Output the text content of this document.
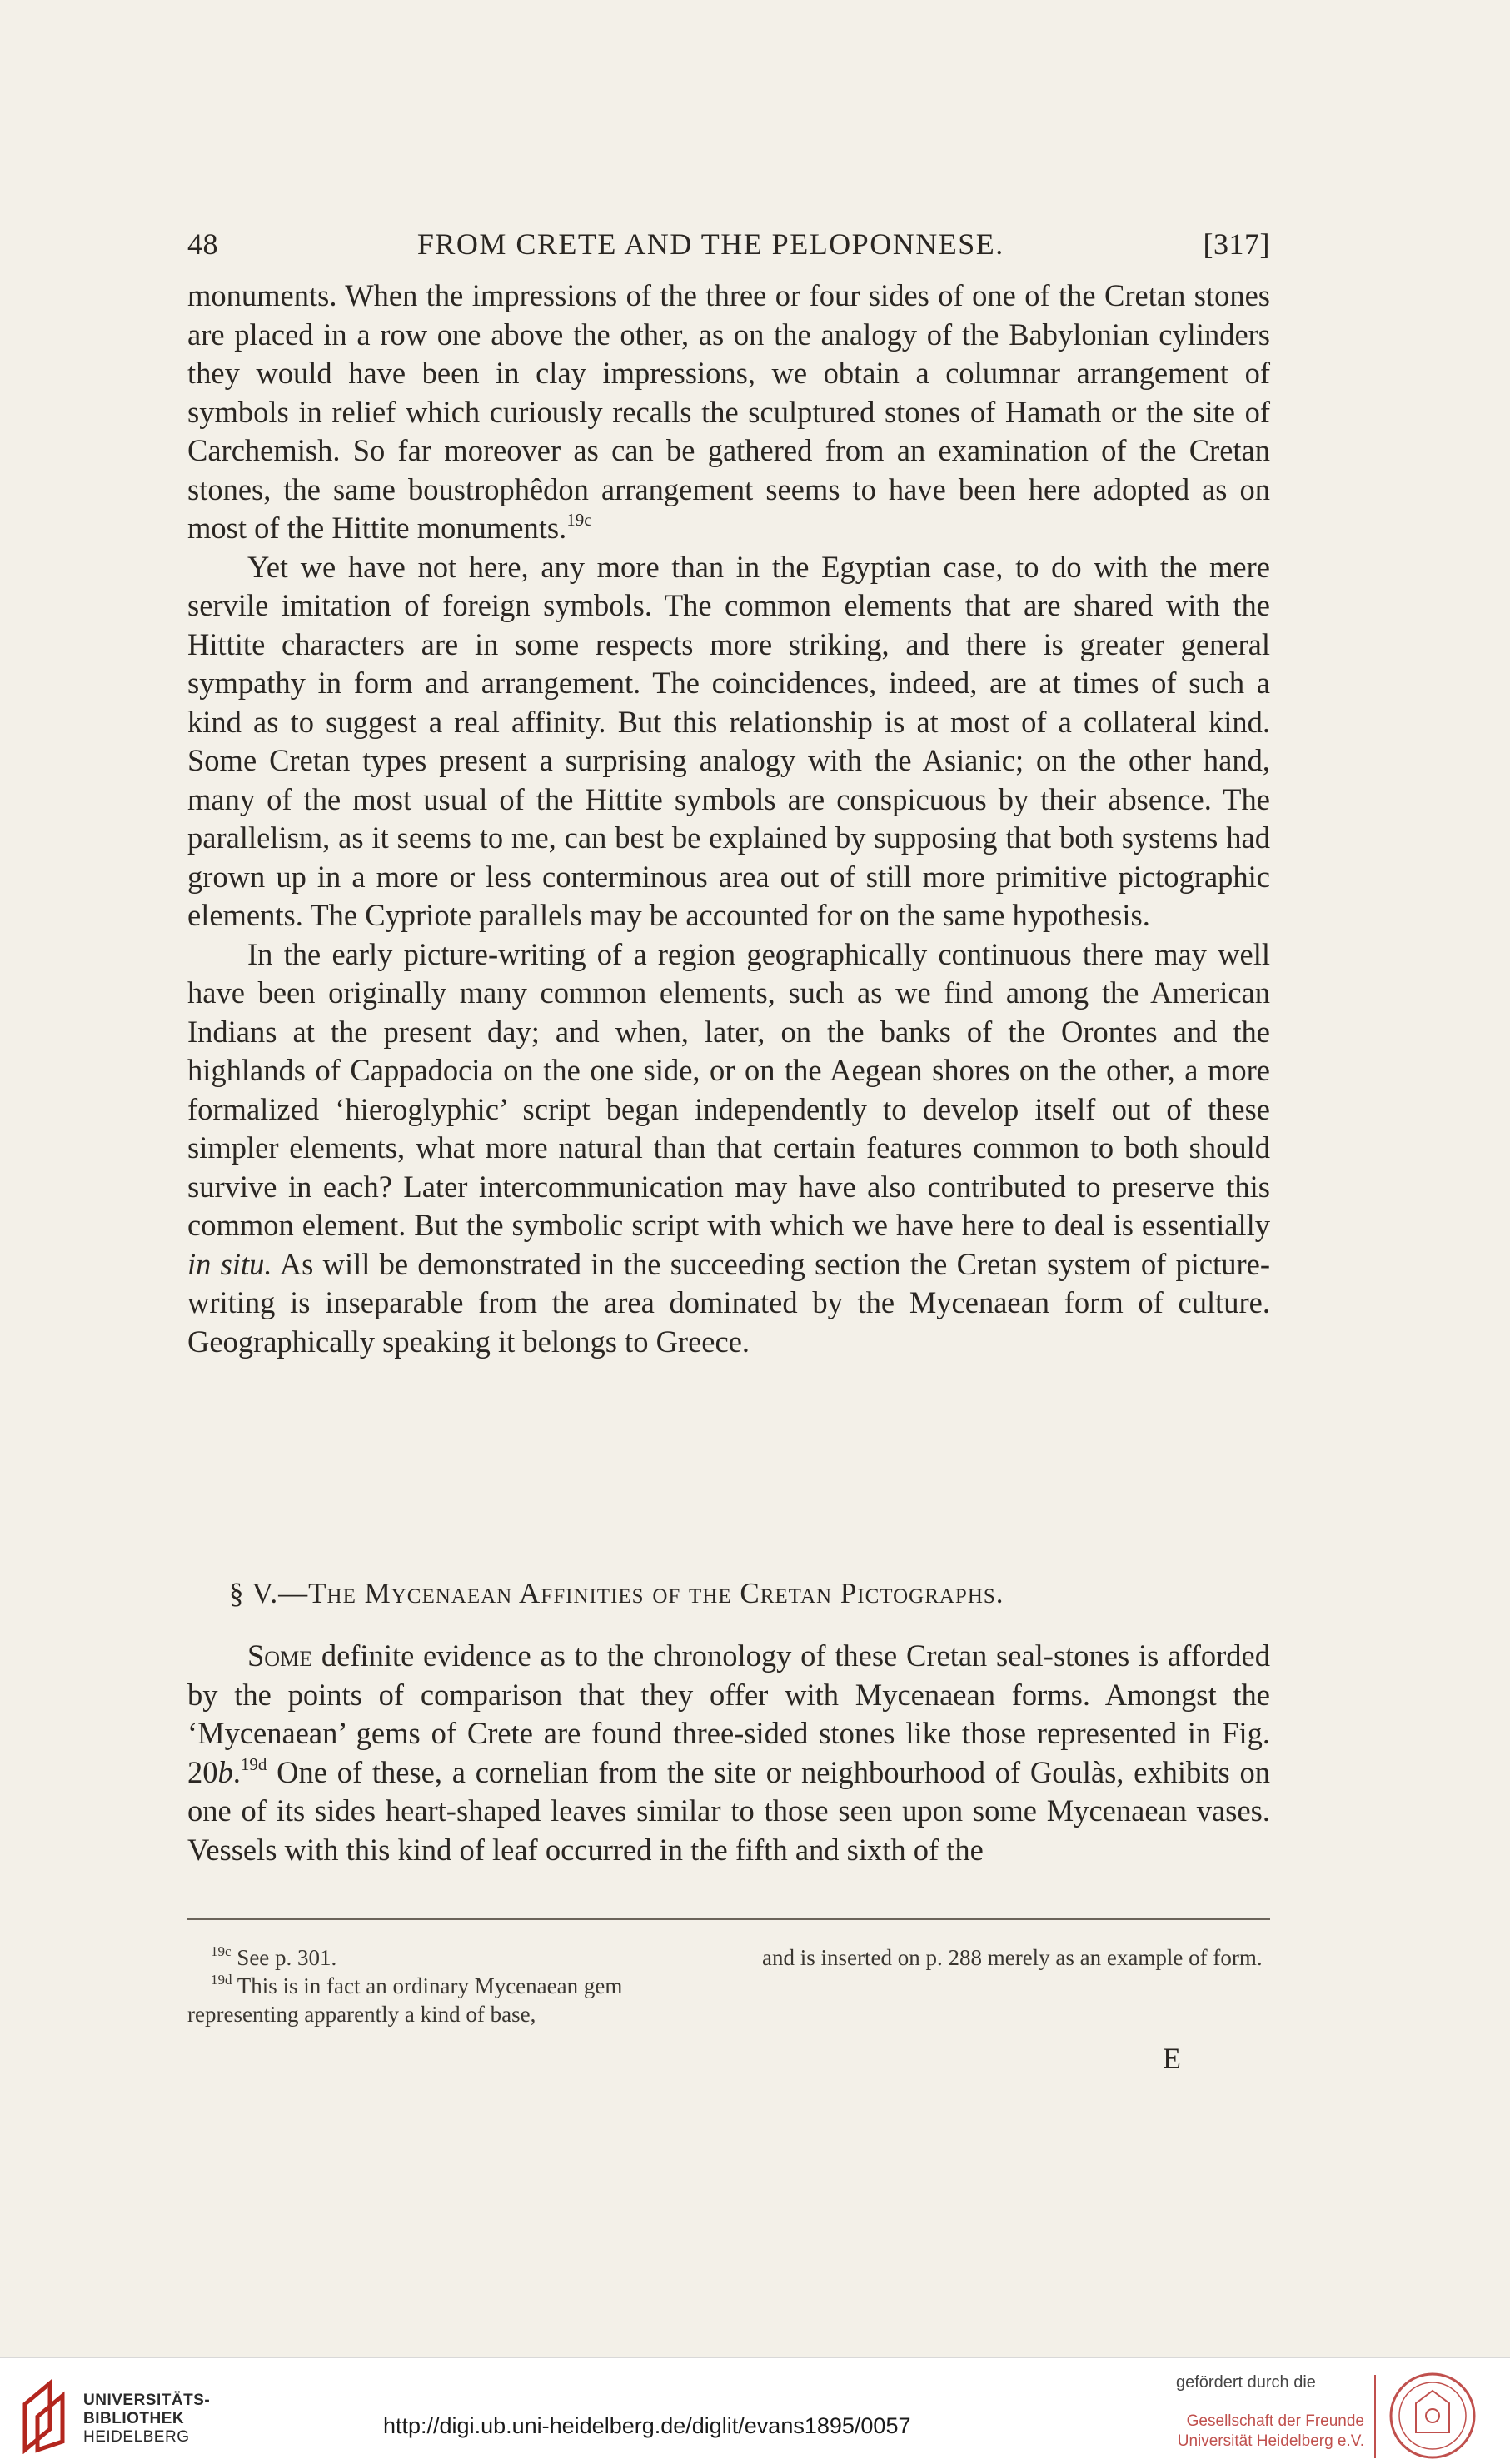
48	FROM CRETE AND THE PELOPONNESE.	[317]

monuments. When the impressions of the three or four sides of one of the Cretan stones are placed in a row one above the other, as on the analogy of the Babylonian cylinders they would have been in clay impressions, we obtain a columnar arrangement of symbols in relief which curiously recalls the sculptured stones of Hamath or the site of Carchemish. So far moreover as can be gathered from an examination of the Cretan stones, the same boustrophêdon arrangement seems to have been here adopted as on most of the Hittite monuments.$^{19c}$

Yet we have not here, any more than in the Egyptian case, to do with the mere servile imitation of foreign symbols. The common elements that are shared with the Hittite characters are in some respects more striking, and there is greater general sympathy in form and arrangement. The coincidences, indeed, are at times of such a kind as to suggest a real affinity. But this relationship is at most of a collateral kind. Some Cretan types present a surprising analogy with the Asianic; on the other hand, many of the most usual of the Hittite symbols are conspicuous by their absence. The parallelism, as it seems to me, can best be explained by supposing that both systems had grown up in a more or less conterminous area out of still more primitive pictographic elements. The Cypriote parallels may be accounted for on the same hypothesis.

In the early picture-writing of a region geographically continuous there may well have been originally many common elements, such as we find among the American Indians at the present day; and when, later, on the banks of the Orontes and the highlands of Cappadocia on the one side, or on the Aegean shores on the other, a more formalized ‘hieroglyphic’ script began independently to develop itself out of these simpler elements, what more natural than that certain features common to both should survive in each? Later intercommunication may have also contributed to preserve this common element. But the symbolic script with which we have here to deal is essentially in situ. As will be demonstrated in the succeeding section the Cretan system of picture-writing is inseparable from the area dominated by the Mycenaean form of culture. Geographically speaking it belongs to Greece.

§ V.—The Mycenaean Affinities of the Cretan Pictographs.

Some definite evidence as to the chronology of these Cretan seal-stones is afforded by the points of comparison that they offer with Mycenaean forms. Amongst the ‘Mycenaean’ gems of Crete are found three-sided stones like those represented in Fig. 20b.$^{19d}$ One of these, a cornelian from the site or neighbourhood of Goulàs, exhibits on one of its sides heart-shaped leaves similar to those seen upon some Mycenaean vases. Vessels with this kind of leaf occurred in the fifth and sixth of the

$^{19c}$ See p. 301.

$^{19d}$ This is in fact an ordinary Mycenaean gem representing apparently a kind of base,

and is inserted on p. 288 merely as an example of form.

E
UNIVERSITÄTS-
BIBLIOTHEK
HEIDELBERG	http://digi.ub.uni-heidelberg.de/diglit/evans1895/0057
gefördert durch die
Gesellschaft der Freunde
Universität Heidelberg e.V.
